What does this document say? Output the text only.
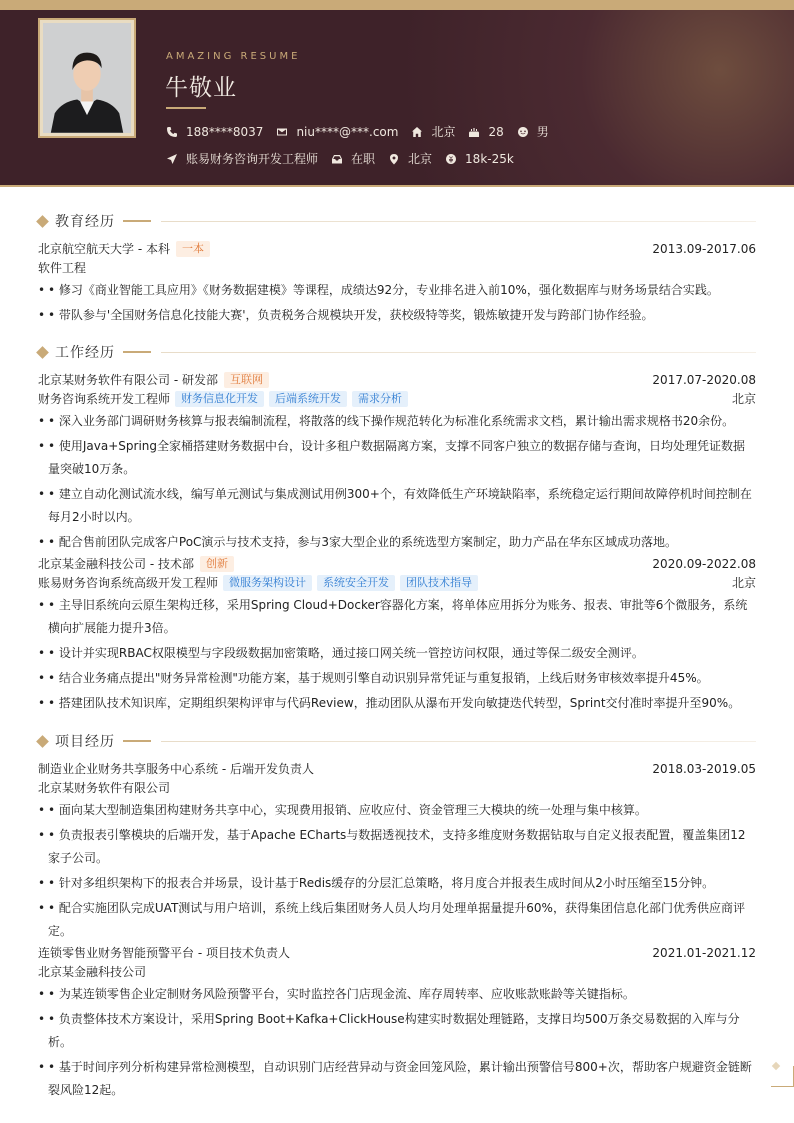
AMAZING RESUME
牛敬业
188****8037	niu****@***.com	北京	28	男
账易财务咨询开发工程师	在职	北京	18k-25k
教育经历
北京航空航天大学 - 本科	一本	2013.09-2017.06
软件工程
• • 修习《商业智能工具应用》《财务数据建模》等课程，成绩达92分，专业排名进入前10%，强化数据库与财务场景结合实践。
• • 带队参与'全国财务信息化技能大赛'，负责税务合规模块开发，获校级特等奖，锻炼敏捷开发与跨部门协作经验。
工作经历
北京某财务软件有限公司 - 研发部	互联网	2017.07-2020.08
财务咨询系统开发工程师	财务信息化开发	后端系统开发	需求分析	北京
• • 深入业务部门调研财务核算与报表编制流程，将散落的线下操作规范转化为标准化系统需求文档，累计输出需求规格书20余份。
• • 使用Java+Spring全家桶搭建财务数据中台，设计多租户数据隔离方案，支撑不同客户独立的数据存储与查询，日均处理凭证数据量突破10万条。
• • 建立自动化测试流水线，编写单元测试与集成测试用例300+个，有效降低生产环境缺陷率，系统稳定运行期间故障停机时间控制在每月2小时以内。
• • 配合售前团队完成客户PoC演示与技术支持，参与3家大型企业的系统选型方案制定，助力产品在华东区域成功落地。
北京某金融科技公司 - 技术部	创新	2020.09-2022.08
账易财务咨询系统高级开发工程师	微服务架构设计	系统安全开发	团队技术指导	北京
• • 主导旧系统向云原生架构迁移，采用Spring Cloud+Docker容器化方案，将单体应用拆分为账务、报表、审批等6个微服务，系统横向扩展能力提升3倍。
• • 设计并实现RBAC权限模型与字段级数据加密策略，通过接口网关统一管控访问权限，通过等保二级安全测评。
• • 结合业务痛点提出"财务异常检测"功能方案，基于规则引擎自动识别异常凭证与重复报销，上线后财务审核效率提升45%。
• • 搭建团队技术知识库，定期组织架构评审与代码Review，推动团队从瀑布开发向敏捷迭代转型，Sprint交付准时率提升至90%。
项目经历
制造业企业财务共享服务中心系统 - 后端开发负责人	2018.03-2019.05
北京某财务软件有限公司
• • 面向某大型制造集团构建财务共享中心，实现费用报销、应收应付、资金管理三大模块的统一处理与集中核算。
• • 负责报表引擎模块的后端开发，基于Apache ECharts与数据透视技术，支持多维度财务数据钻取与自定义报表配置，覆盖集团12家子公司。
• • 针对多组织架构下的报表合并场景，设计基于Redis缓存的分层汇总策略，将月度合并报表生成时间从2小时压缩至15分钟。
• • 配合实施团队完成UAT测试与用户培训，系统上线后集团财务人员人均月处理单据量提升60%，获得集团信息化部门优秀供应商评定。
连锁零售业财务智能预警平台 - 项目技术负责人	2021.01-2021.12
北京某金融科技公司
• • 为某连锁零售企业定制财务风险预警平台，实时监控各门店现金流、库存周转率、应收账款账龄等关键指标。
• • 负责整体技术方案设计，采用Spring Boot+Kafka+ClickHouse构建实时数据处理链路，支撑日均500万条交易数据的入库与分析。
• • 基于时间序列分析构建异常检测模型，自动识别门店经营异动与资金回笼风险，累计输出预警信号800+次，帮助客户规避资金链断裂风险12起。
